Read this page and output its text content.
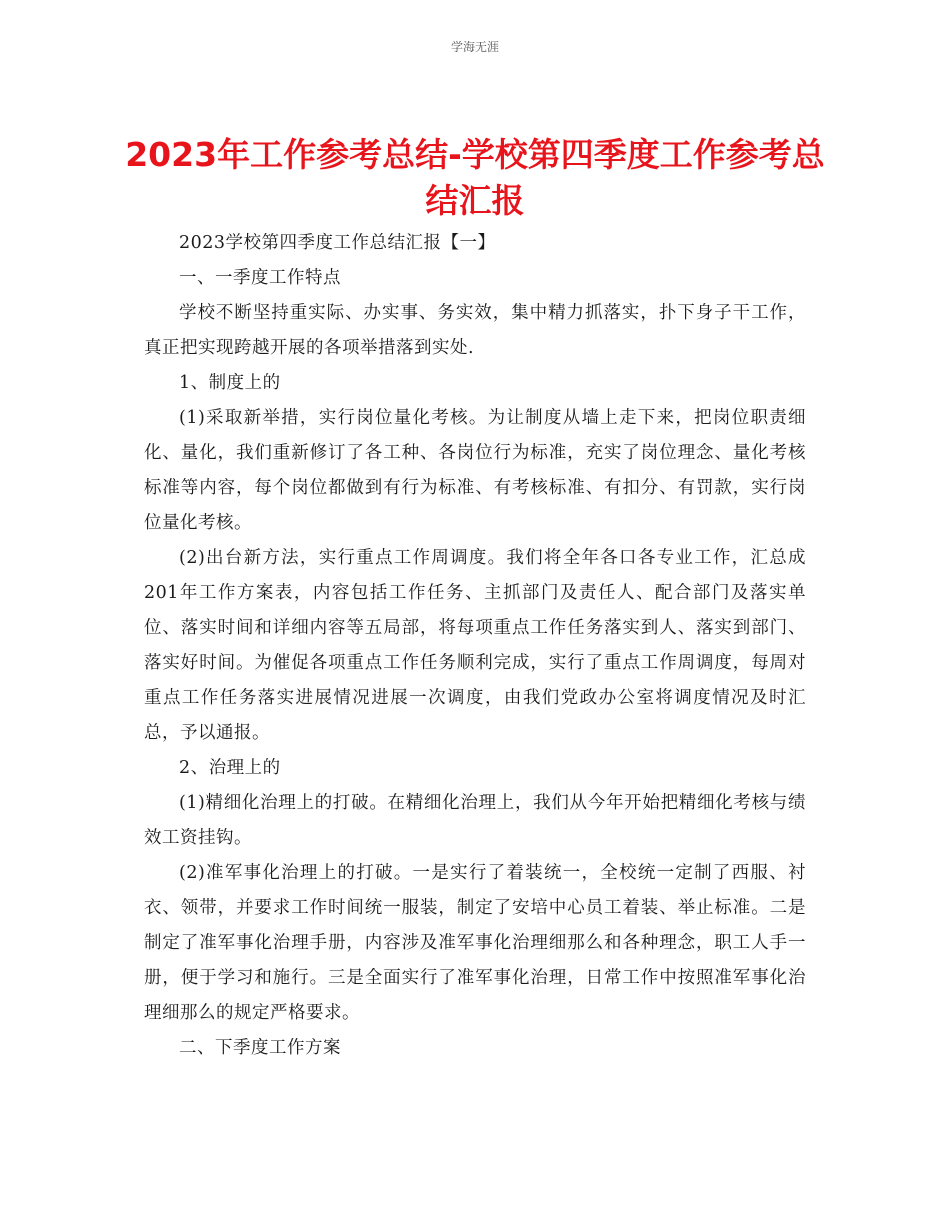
学海无涯
2023年工作参考总结-学校第四季度工作参考总结汇报

2023学校第四季度工作总结汇报【一】

一、一季度工作特点

学校不断坚持重实际、办实事、务实效，集中精力抓落实，扑下身子干工作，真正把实现跨越开展的各项举措落到实处.

1、制度上的

(1)采取新举措，实行岗位量化考核。为让制度从墙上走下来，把岗位职责细化、量化，我们重新修订了各工种、各岗位行为标准，充实了岗位理念、量化考核标准等内容，每个岗位都做到有行为标准、有考核标准、有扣分、有罚款，实行岗位量化考核。

(2)出台新方法，实行重点工作周调度。我们将全年各口各专业工作，汇总成201年工作方案表，内容包括工作任务、主抓部门及责任人、配合部门及落实单位、落实时间和详细内容等五局部，将每项重点工作任务落实到人、落实到部门、落实好时间。为催促各项重点工作任务顺利完成，实行了重点工作周调度，每周对重点工作任务落实进展情况进展一次调度，由我们党政办公室将调度情况及时汇总，予以通报。

2、治理上的

(1)精细化治理上的打破。在精细化治理上，我们从今年开始把精细化考核与绩效工资挂钩。

(2)准军事化治理上的打破。一是实行了着装统一，全校统一定制了西服、衬衣、领带，并要求工作时间统一服装，制定了安培中心员工着装、举止标准。二是制定了准军事化治理手册，内容涉及准军事化治理细那么和各种理念，职工人手一册，便于学习和施行。三是全面实行了准军事化治理，日常工作中按照准军事化治理细那么的规定严格要求。

二、下季度工作方案
